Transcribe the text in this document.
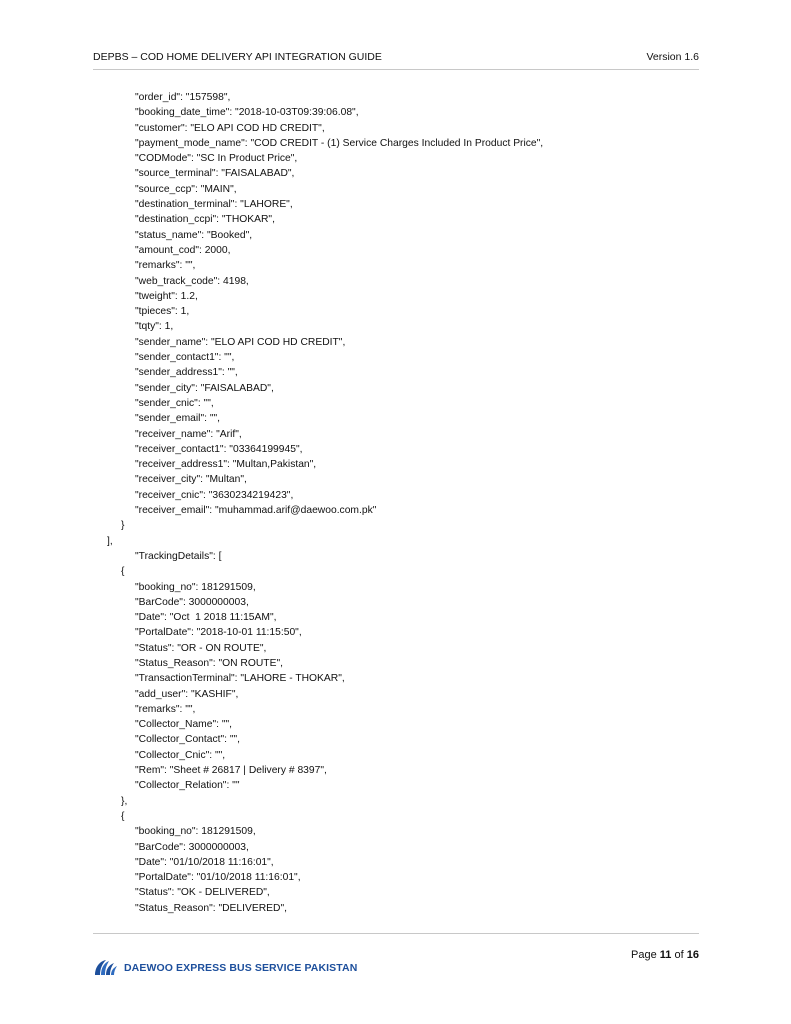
DEPBS – COD HOME DELIVERY API INTEGRATION GUIDE	Version 1.6
"order_id": "157598",
"booking_date_time": "2018-10-03T09:39:06.08",
"customer": "ELO API COD HD CREDIT",
"payment_mode_name": "COD CREDIT - (1) Service Charges Included In Product Price",
"CODMode": "SC In Product Price",
"source_terminal": "FAISALABAD",
"source_ccp": "MAIN",
"destination_terminal": "LAHORE",
"destination_ccpi": "THOKAR",
"status_name": "Booked",
"amount_cod": 2000,
"remarks": "",
"web_track_code": 4198,
"tweight": 1.2,
"tpieces": 1,
"tqty": 1,
"sender_name": "ELO API COD HD CREDIT",
"sender_contact1": "",
"sender_address1": "",
"sender_city": "FAISALABAD",
"sender_cnic": "",
"sender_email": "",
"receiver_name": "Arif",
"receiver_contact1": "03364199945",
"receiver_address1": "Multan,Pakistan",
"receiver_city": "Multan",
"receiver_cnic": "3630234219423",
"receiver_email": "muhammad.arif@daewoo.com.pk"
}
],
"TrackingDetails": [
{
"booking_no": 181291509,
"BarCode": 3000000003,
"Date": "Oct  1 2018 11:15AM",
"PortalDate": "2018-10-01 11:15:50",
"Status": "OR - ON ROUTE",
"Status_Reason": "ON ROUTE",
"TransactionTerminal": "LAHORE - THOKAR",
"add_user": "KASHIF",
"remarks": "",
"Collector_Name": "",
"Collector_Contact": "",
"Collector_Cnic": "",
"Rem": "Sheet # 26817 | Delivery # 8397",
"Collector_Relation": ""
},
{
"booking_no": 181291509,
"BarCode": 3000000003,
"Date": "01/10/2018 11:16:01",
"PortalDate": "01/10/2018 11:16:01",
"Status": "OK - DELIVERED",
"Status_Reason": "DELIVERED",
DAEWOO EXPRESS BUS SERVICE PAKISTAN
Page 11 of 16
